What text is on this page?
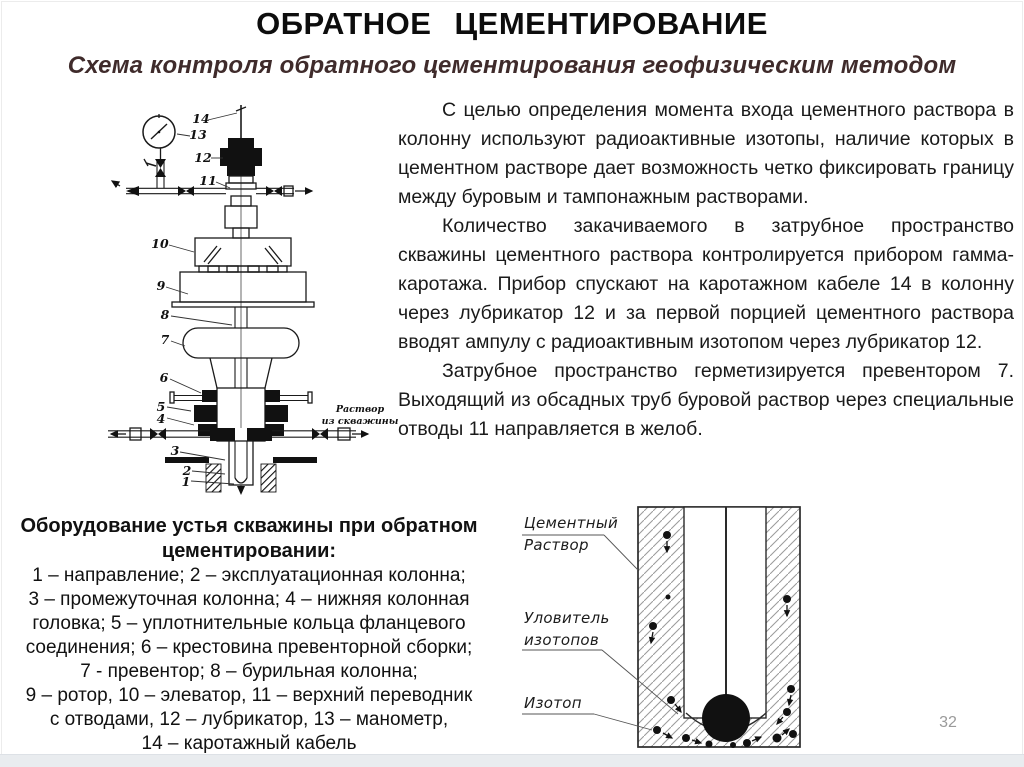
ОБРАТНОЕ ЦЕМЕНТИРОВАНИЕ
Схема контроля обратного цементирования геофизическим методом

С целью определения момента входа цементного раствора в колонну используют радиоактивные изотопы, наличие которых в цементном растворе дает возможность четко фиксировать границу между буровым и тампонажным растворами.

Количество закачиваемого в затрубное пространство скважины цементного раствора контролируется прибором гамма-каротажа. Прибор спускают на каротажном кабеле 14 в колонну через лубрикатор 12 и за первой порцией цементного раствора вводят ампулу с радиоактивным изотопом через лубрикатор 12.

Затрубное пространство герметизируется превентором 7. Выходящий из обсадных труб буровой раствор через специальные отводы 11 направляется в желоб.

14
13
12
11
10
9
8
7
6
5
4
3
2
1
Раствор
из скважины
Оборудование устья скважины при обратном
цементировании:
1 – направление; 2 – эксплуатационная колонна;
3 – промежуточная колонна; 4 – нижняя колонная
головка; 5 – уплотнительные кольца фланцевого
соединения; 6 – крестовина превенторной сборки;
7 - превентор; 8 – бурильная колонна;
9 – ротор, 10 – элеватор, 11 – верхний переводник
с отводами, 12 – лубрикатор, 13 – манометр,
14 – каротажный кабель
Цементный
Раствор
Уловитель
изотопов
Изотоп
32
